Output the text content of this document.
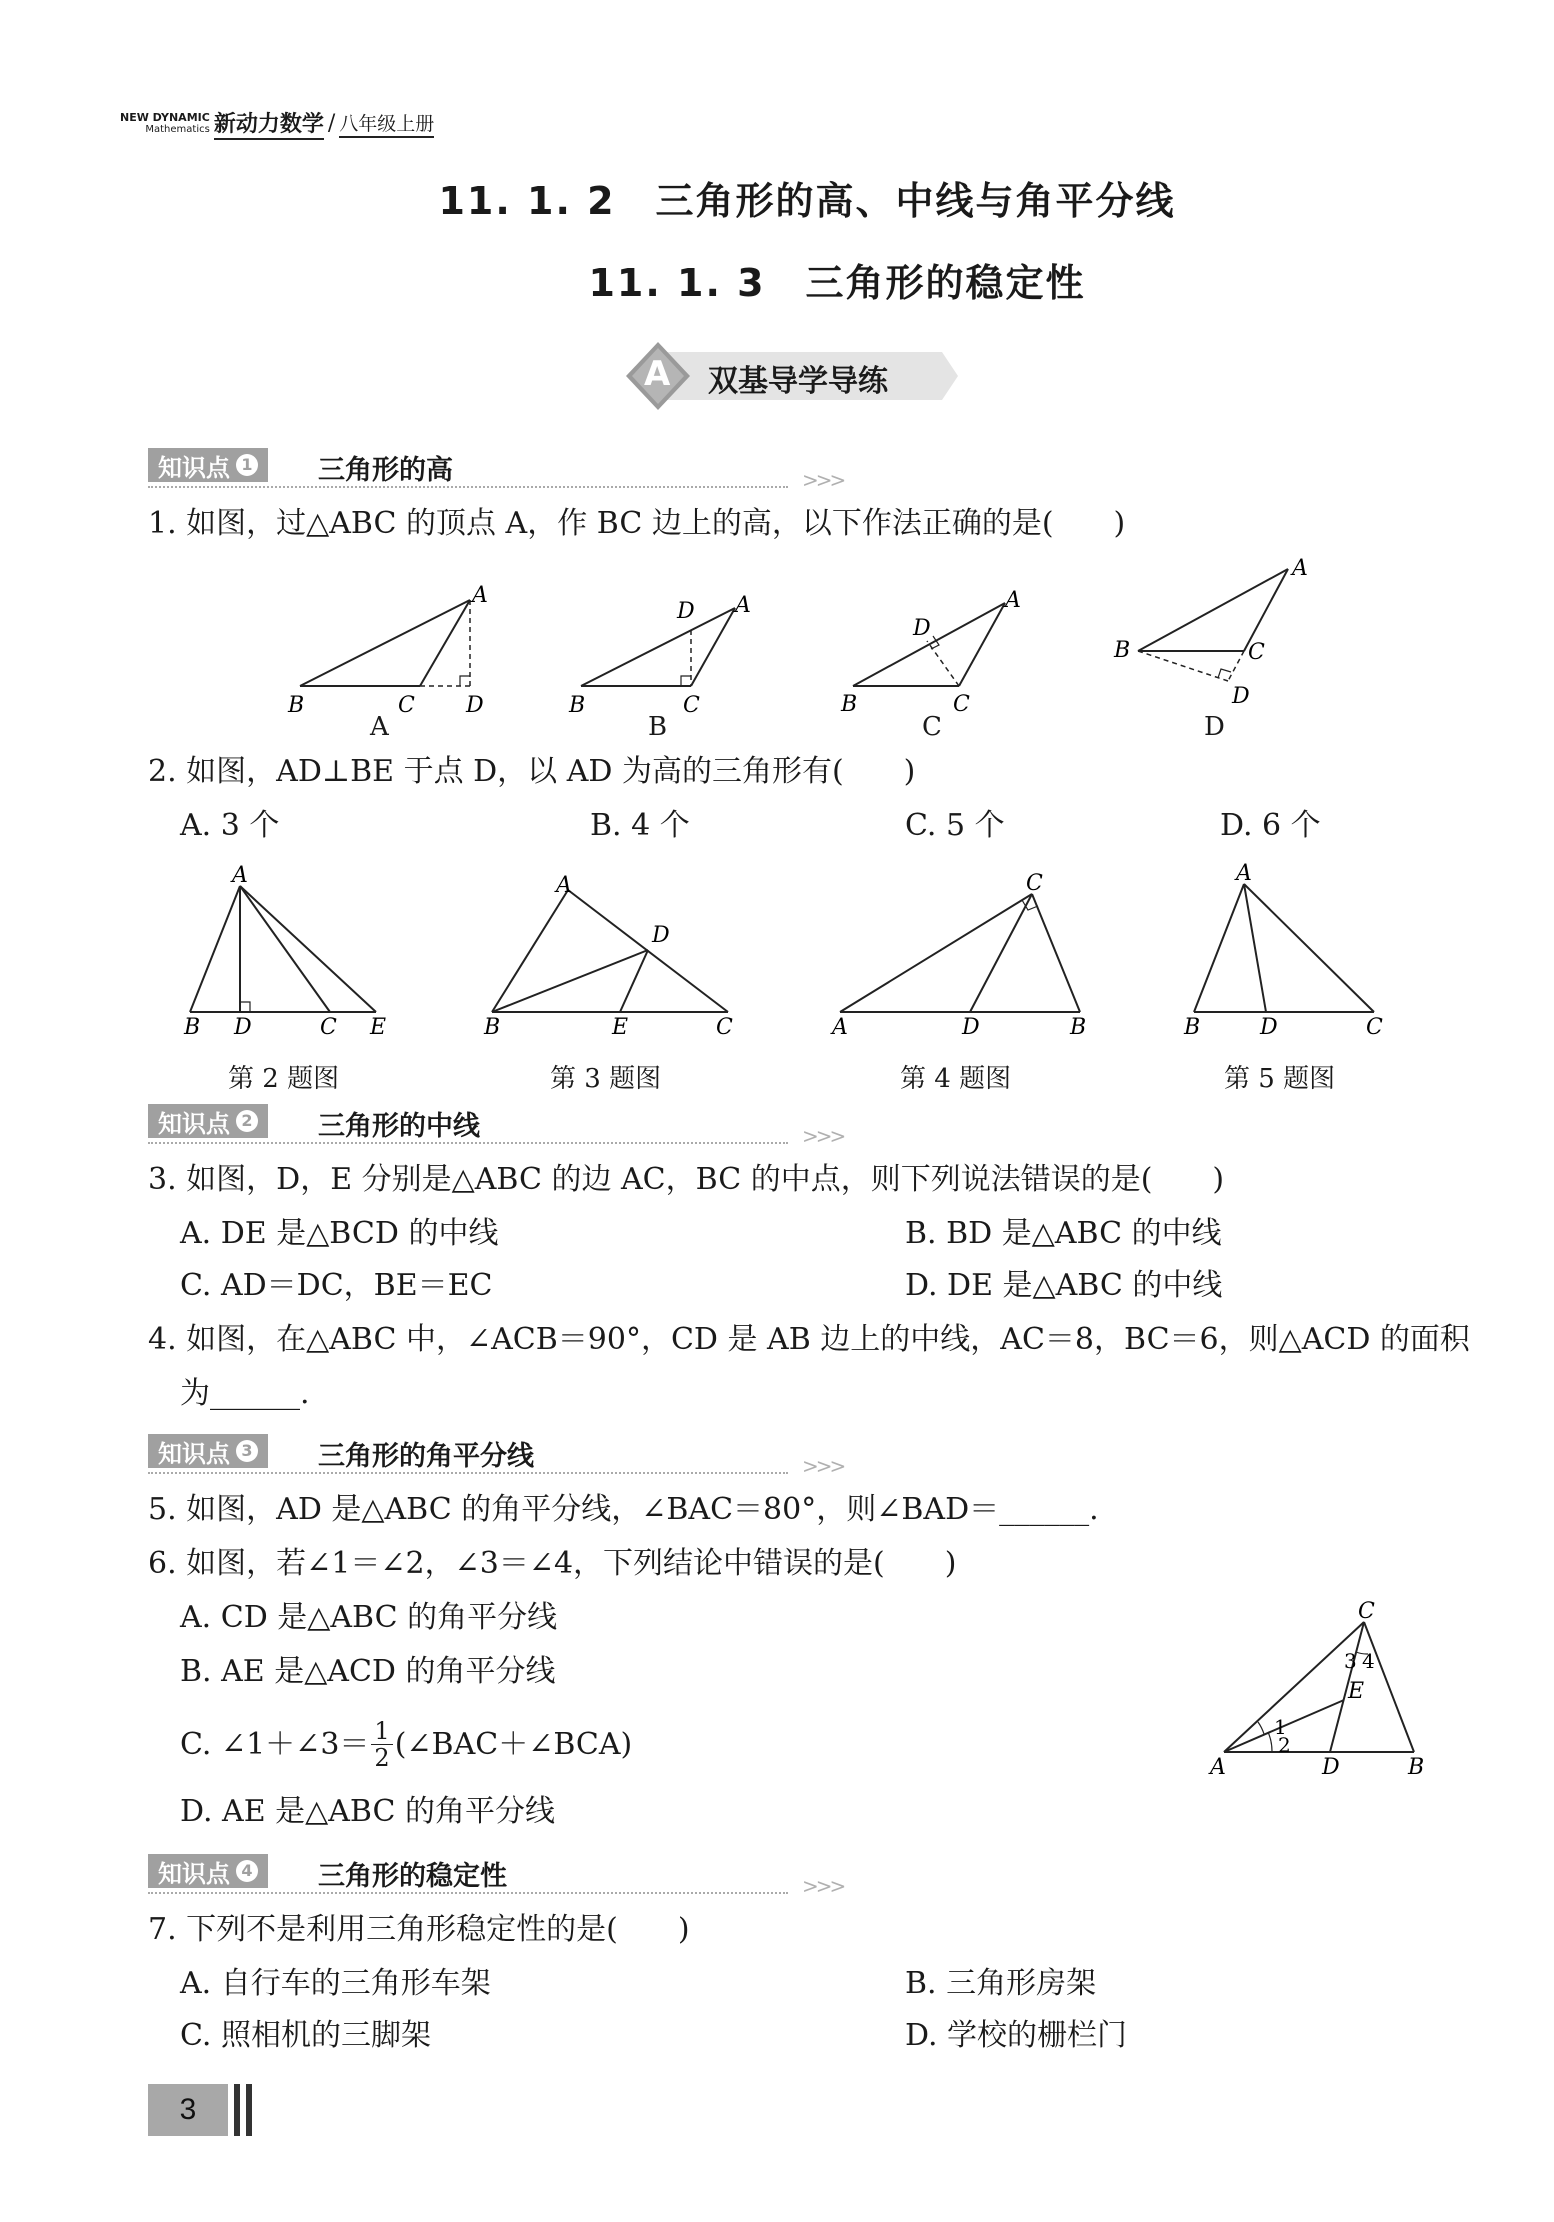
NEW DYNAMIC
Mathematics 新动力数学 / 八年级上册
11. 1. 2　三角形的高、中线与角平分线
11. 1. 3　三角形的稳定性
A 双基导学导练
知识点 1 三角形的高	>>>
1. 如图，过△ABC 的顶点 A，作 BC 边上的高，以下作法正确的是(　　)
B	C D
A
A
B	C
D A
B
B	C
D
A
C
B	C
D
A
D
2. 如图，AD⊥BE 于点 D，以 AD 为高的三角形有(　　)
A. 3 个	B. 4 个	C. 5 个	D. 6 个
A
B D	C E
第 2 题图
A
D
B	E	C
第 3 题图
C
A	D	B
第 4 题图
A
B	D	C
第 5 题图
知识点 2 三角形的中线	>>>
3. 如图，D，E 分别是△ABC 的边 AC，BC 的中点，则下列说法错误的是(　　)
A. DE 是△BCD 的中线	B. BD 是△ABC 的中线
C. AD＝DC，BE＝EC	D. DE 是△ABC 的中线
4. 如图，在△ABC 中，∠ACB＝90°，CD 是 AB 边上的中线，AC＝8，BC＝6，则△ACD 的面积
为______.
知识点 3 三角形的角平分线	>>>
5. 如图，AD 是△ABC 的角平分线，∠BAC＝80°，则∠BAD＝______.
6. 如图，若∠1＝∠2，∠3＝∠4，下列结论中错误的是(　　)
A. CD 是△ABC 的角平分线
B. AE 是△ACD 的角平分线
C. ∠1＋∠3＝ $\frac{1}{2}$ (∠BAC＋∠BCA)
D. AE 是△ABC 的角平分线
C
A	D	B
E
1
2
3 4
知识点 4 三角形的稳定性	>>>
7. 下列不是利用三角形稳定性的是(　　)
A. 自行车的三角形车架	B. 三角形房架
C. 照相机的三脚架	D. 学校的栅栏门
3
